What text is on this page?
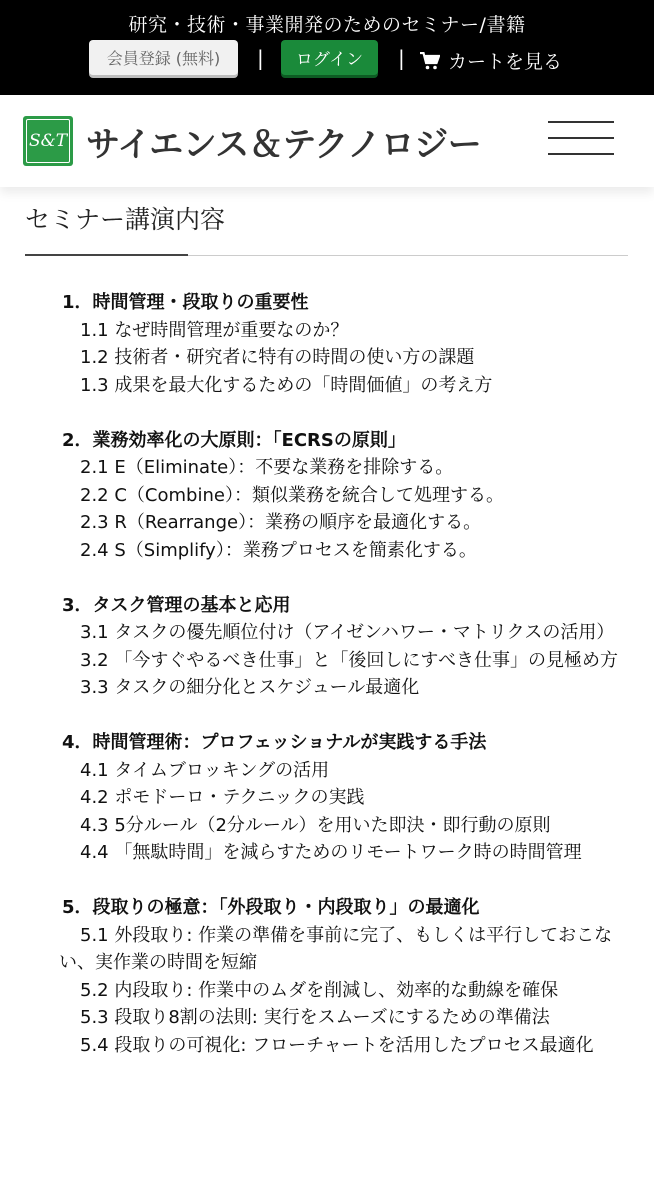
研究・技術・事業開発のためのセミナー/書籍
会員登録 (無料)	|	ログイン	| カートを見る
S&T サイエンス＆テクノロジー
セミナー講演内容
1．時間管理・段取りの重要性
1.1 なぜ時間管理が重要なのか？
1.2 技術者・研究者に特有の時間の使い方の課題
1.3 成果を最大化するための「時間価値」の考え方
2．業務効率化の大原則：「ECRSの原則」
2.1 E（Eliminate）：不要な業務を排除する。
2.2 C（Combine）：類似業務を統合して処理する。
2.3 R（Rearrange）：業務の順序を最適化する。
2.4 S（Simplify）：業務プロセスを簡素化する。
3．タスク管理の基本と応用
3.1 タスクの優先順位付け（アイゼンハワー・マトリクスの活用）
3.2 「今すぐやるべき仕事」と「後回しにすべき仕事」の見極め方
3.3 タスクの細分化とスケジュール最適化
4．時間管理術：プロフェッショナルが実践する手法
4.1 タイムブロッキングの活用
4.2 ポモドーロ・テクニックの実践
4.3 5分ルール（2分ルール）を用いた即決・即行動の原則
4.4 「無駄時間」を減らすためのリモートワーク時の時間管理
5．段取りの極意：「外段取り・内段取り」の最適化
5.1 外段取り: 作業の準備を事前に完了、もしくは平行しておこない、実作業の時間を短縮
5.2 内段取り: 作業中のムダを削減し、効率的な動線を確保
5.3 段取り8割の法則: 実行をスムーズにするための準備法
5.4 段取りの可視化: フローチャートを活用したプロセス最適化
